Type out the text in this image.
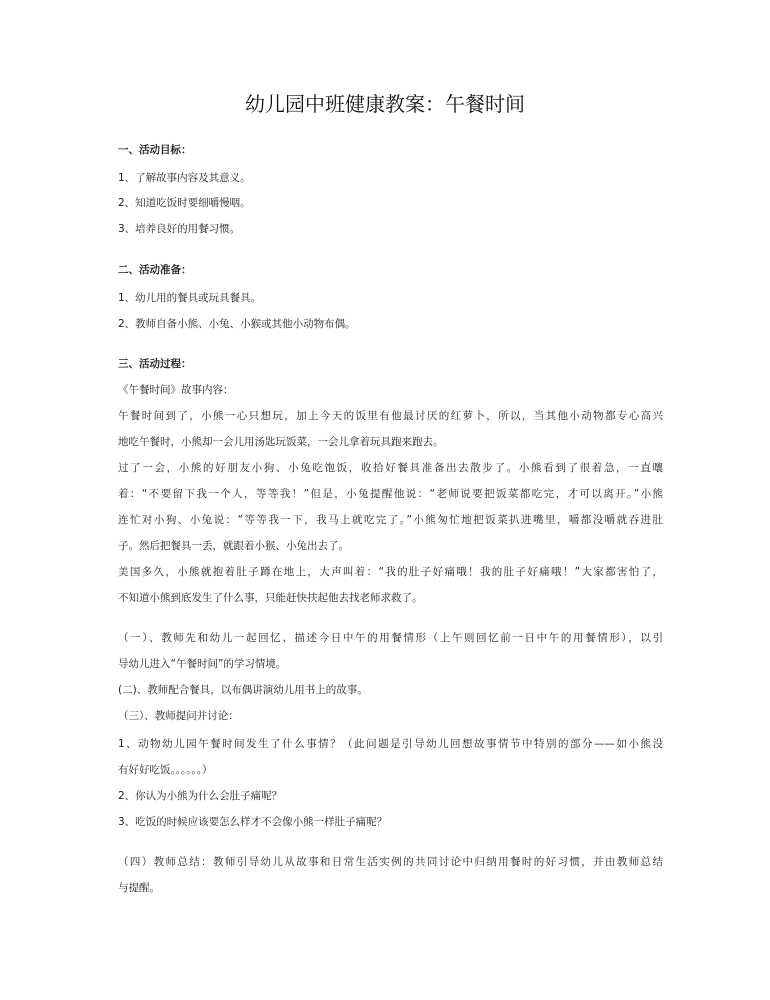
幼儿园中班健康教案：午餐时间

一、活动目标：

1、了解故事内容及其意义。

2、知道吃饭时要细嚼慢咽。

3、培养良好的用餐习惯。

二、活动准备：

1、幼儿用的餐具或玩具餐具。

2、教师自备小熊、小兔、小猴或其他小动物布偶。

三、活动过程：

《午餐时间》故事内容：

午餐时间到了，小熊一心只想玩，加上今天的饭里有他最讨厌的红萝卜，所以，当其他小动物都专心高兴

地吃午餐时，小熊却一会儿用汤匙玩饭菜，一会儿拿着玩具跑来跑去。

过了一会，小熊的好朋友小狗、小兔吃饱饭，收拾好餐具准备出去散步了。小熊看到了很着急，一直嚷

着：“不要留下我一个人，等等我！”但是，小兔提醒他说：“老师说要把饭菜都吃完，才可以离开。”小熊

连忙对小狗、小兔说：“等等我一下，我马上就吃完了。”小熊匆忙地把饭菜扒进嘴里，嚼都没嚼就吞进肚

子。然后把餐具一丢，就跟着小猴、小兔出去了。

美国多久，小熊就抱着肚子蹲在地上，大声叫着：“我的肚子好痛哦！我的肚子好痛哦！”大家都害怕了，

不知道小熊到底发生了什么事，只能赶快扶起他去找老师求救了。

（一）、教师先和幼儿一起回忆、描述今日中午的用餐情形（上午则回忆前一日中午的用餐情形），以引

导幼儿进入“午餐时间”的学习情境。

(二)、教师配合餐具，以布偶讲演幼儿用书上的故事。

（三）、教师提问并讨论：

1、动物幼儿园午餐时间发生了什么事情？（此问题是引导幼儿回想故事情节中特别的部分——如小熊没

有好好吃饭。。。。。。）

2、你认为小熊为什么会肚子痛呢？

3、吃饭的时候应该要怎么样才不会像小熊一样肚子痛呢？

（四）教师总结：教师引导幼儿从故事和日常生活实例的共同讨论中归纳用餐时的好习惯，并由教师总结

与提醒。
